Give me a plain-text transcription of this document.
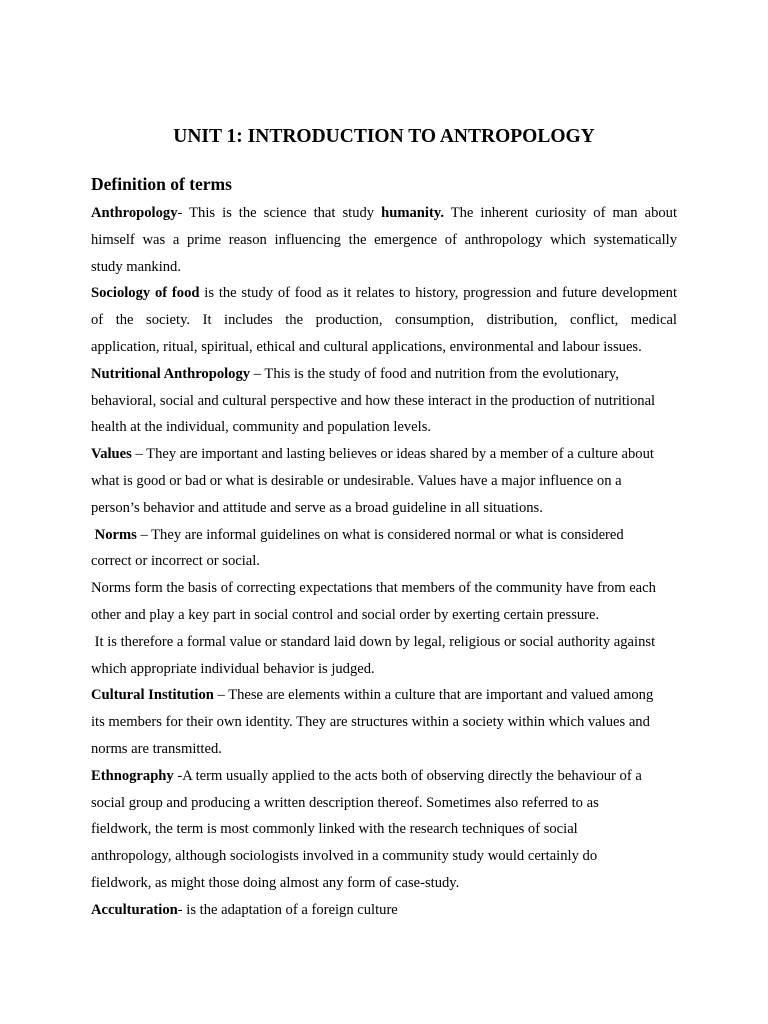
UNIT 1: INTRODUCTION TO ANTROPOLOGY
Definition of terms
Anthropology- This is the science that study humanity. The inherent curiosity of man about
himself was a prime reason influencing the emergence of anthropology which systematically
study mankind.
Sociology of food is the study of food as it relates to history, progression and future development
of the society. It includes the production, consumption, distribution, conflict, medical
application, ritual, spiritual, ethical and cultural applications, environmental and labour issues.
Nutritional Anthropology – This is the study of food and nutrition from the evolutionary,
behavioral, social and cultural perspective and how these interact in the production of nutritional
health at the individual, community and population levels.
Values – They are important and lasting believes or ideas shared by a member of a culture about
what is good or bad or what is desirable or undesirable. Values have a major influence on a
person’s behavior and attitude and serve as a broad guideline in all situations.
Norms – They are informal guidelines on what is considered normal or what is considered
correct or incorrect or social.
Norms form the basis of correcting expectations that members of the community have from each
other and play a key part in social control and social order by exerting certain pressure.
It is therefore a formal value or standard laid down by legal, religious or social authority against
which appropriate individual behavior is judged.
Cultural Institution – These are elements within a culture that are important and valued among
its members for their own identity. They are structures within a society within which values and
norms are transmitted.
Ethnography -A term usually applied to the acts both of observing directly the behaviour of a
social group and producing a written description thereof. Sometimes also referred to as
fieldwork, the term is most commonly linked with the research techniques of social
anthropology, although sociologists involved in a community study would certainly do
fieldwork, as might those doing almost any form of case-study.
Acculturation- is the adaptation of a foreign culture
